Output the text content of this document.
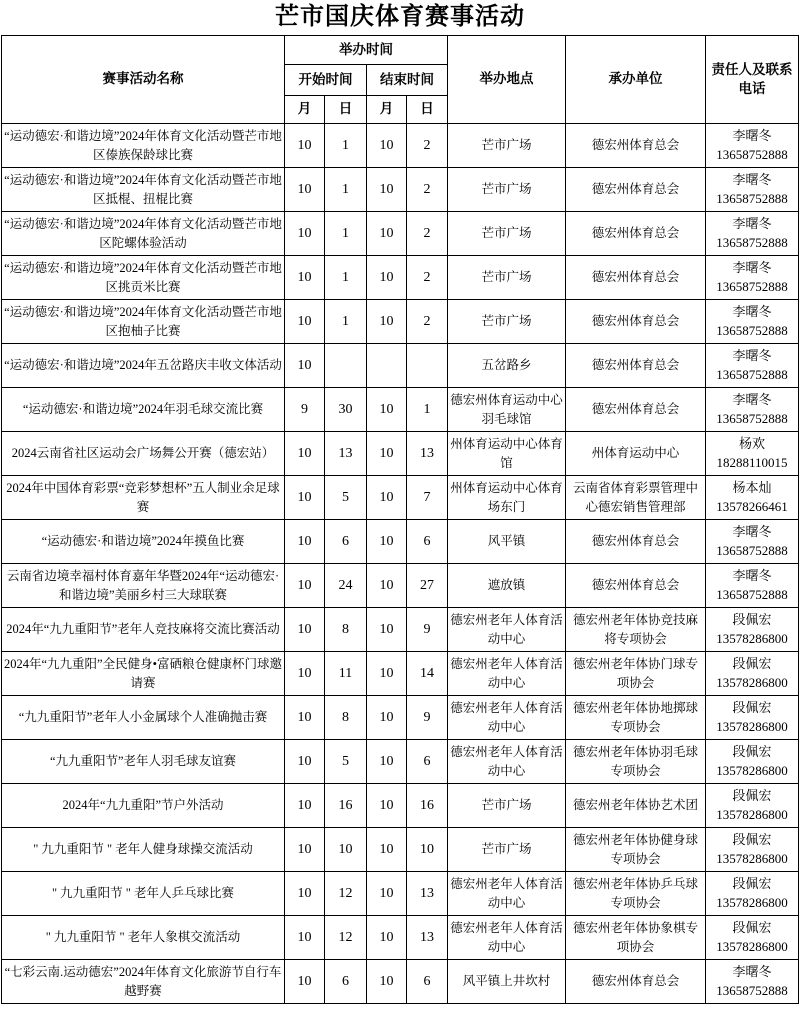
芒市国庆体育赛事活动
赛事活动名称	举办时间				举办地点	承办单位	责任人及联系电话
	开始时间		结束时间				
	月	日	月	日			
“运动德宏·和谐边境”2024年体育文化活动暨芒市地区傣族保龄球比赛	10	1	10	2	芒市广场	德宏州体育总会	李曙冬
13658752888

“运动德宏·和谐边境”2024年体育文化活动暨芒市地区抵棍、扭棍比赛	10	1	10	2	芒市广场	德宏州体育总会	李曙冬
13658752888

“运动德宏·和谐边境”2024年体育文化活动暨芒市地区陀螺体验活动	10	1	10	2	芒市广场	德宏州体育总会	李曙冬
13658752888

“运动德宏·和谐边境”2024年体育文化活动暨芒市地区挑贡米比赛	10	1	10	2	芒市广场	德宏州体育总会	李曙冬
13658752888

“运动德宏·和谐边境”2024年体育文化活动暨芒市地区抱柚子比赛	10	1	10	2	芒市广场	德宏州体育总会	李曙冬
13658752888

“运动德宏·和谐边境”2024年五岔路庆丰收文体活动	10				五岔路乡	德宏州体育总会	李曙冬
13658752888

“运动德宏·和谐边境”2024年羽毛球交流比赛	9	30	10	1	德宏州体育运动中心羽毛球馆	德宏州体育总会	李曙冬
13658752888

2024云南省社区运动会广场舞公开赛（德宏站）	10	13	10	13	州体育运动中心体育馆	州体育运动中心	杨欢
18288110015

2024年中国体育彩票“竞彩梦想杯”五人制业余足球赛	10	5	10	7	州体育运动中心体育场东门	云南省体育彩票管理中心德宏销售管理部	杨本灿
13578266461

“运动德宏·和谐边境”2024年摸鱼比赛	10	6	10	6	风平镇	德宏州体育总会	李曙冬
13658752888

云南省边境幸福村体育嘉年华暨2024年“运动德宏·和谐边境”美丽乡村三大球联赛	10	24	10	27	遮放镇	德宏州体育总会	李曙冬
13658752888

2024年“九九重阳节”老年人竞技麻将交流比赛活动	10	8	10	9	德宏州老年人体育活动中心	德宏州老年体协竞技麻将专项协会	段佩宏
13578286800

2024年“九九重阳”全民健身•富硒粮仓健康杯门球邀请赛	10	11	10	14	德宏州老年人体育活动中心	德宏州老年体协门球专项协会	段佩宏
13578286800

“九九重阳节”老年人小金属球个人准确抛击赛	10	8	10	9	德宏州老年人体育活动中心	德宏州老年体协地掷球专项协会	段佩宏
13578286800

“九九重阳节”老年人羽毛球友谊赛	10	5	10	6	德宏州老年人体育活动中心	德宏州老年体协羽毛球专项协会	段佩宏
13578286800

2024年“九九重阳”节户外活动	10	16	10	16	芒市广场	德宏州老年体协艺术团	段佩宏
13578286800

" 九九重阳节 " 老年人健身球操交流活动	10	10	10	10	芒市广场	德宏州老年体协健身球专项协会	段佩宏
13578286800

" 九九重阳节 " 老年人乒乓球比赛	10	12	10	13	德宏州老年人体育活动中心	德宏州老年体协乒乓球专项协会	段佩宏
13578286800

" 九九重阳节 " 老年人象棋交流活动	10	12	10	13	德宏州老年人体育活动中心	德宏州老年体协象棋专项协会	段佩宏
13578286800

“七彩云南.运动德宏”2024年体育文化旅游节自行车越野赛	10	6	10	6	风平镇上井坎村	德宏州体育总会	李曙冬
13658752888
